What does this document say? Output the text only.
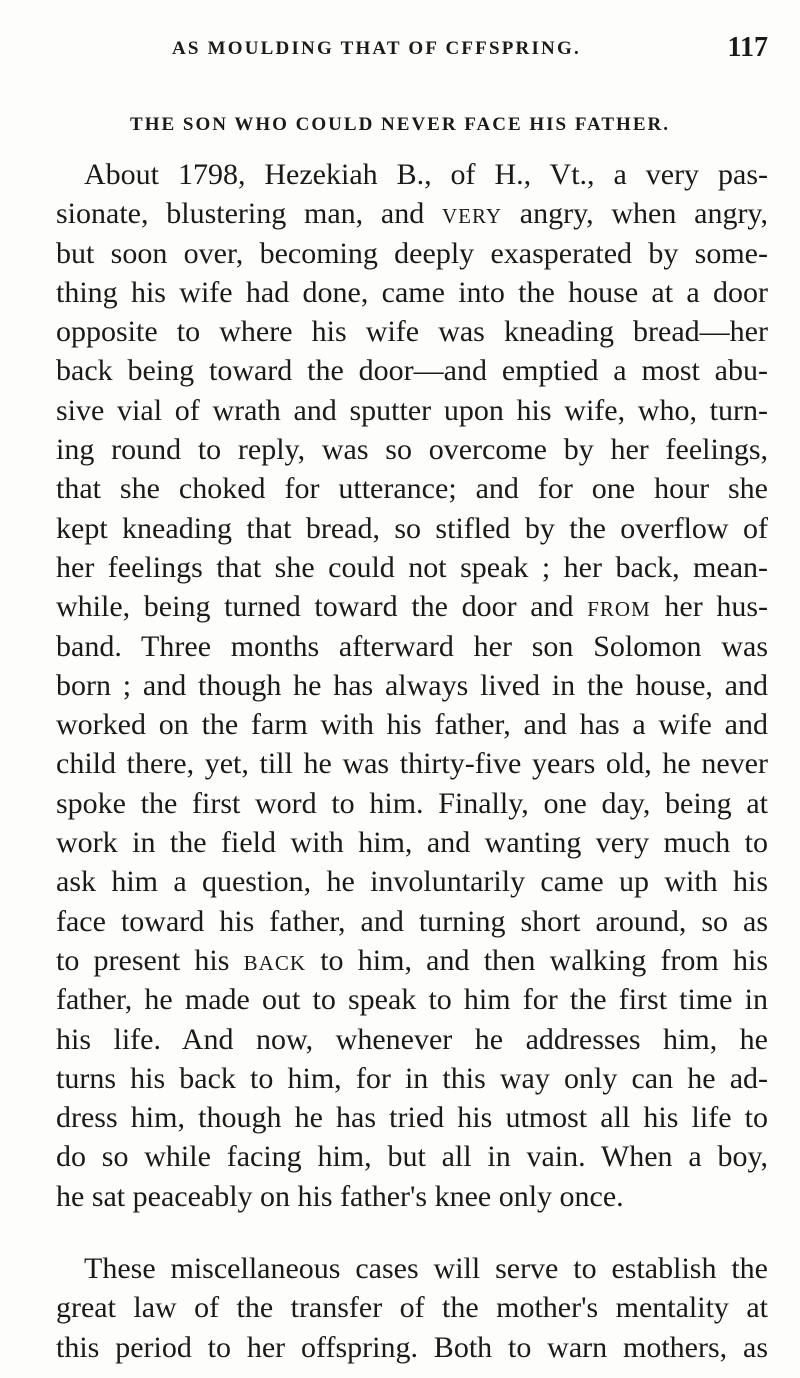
AS MOULDING THAT OF CFFSPRING.	117
THE SON WHO COULD NEVER FACE HIS FATHER.
About 1798, Hezekiah B., of H., Vt., a very pas-
sionate, blustering man, and very angry, when angry,
but soon over, becoming deeply exasperated by some-
thing his wife had done, came into the house at a door
opposite to where his wife was kneading bread—her
back being toward the door—and emptied a most abu-
sive vial of wrath and sputter upon his wife, who, turn-
ing round to reply, was so overcome by her feelings,
that she choked for utterance; and for one hour she
kept kneading that bread, so stifled by the overflow of
her feelings that she could not speak ; her back, mean-
while, being turned toward the door and from her hus-
band. Three months afterward her son Solomon was
born ; and though he has always lived in the house, and
worked on the farm with his father, and has a wife and
child there, yet, till he was thirty-five years old, he never
spoke the first word to him. Finally, one day, being at
work in the field with him, and wanting very much to
ask him a question, he involuntarily came up with his
face toward his father, and turning short around, so as
to present his back to him, and then walking from his
father, he made out to speak to him for the first time in
his life. And now, whenever he addresses him, he
turns his back to him, for in this way only can he ad-
dress him, though he has tried his utmost all his life to
do so while facing him, but all in vain. When a boy,
he sat peaceably on his father's knee only once.
These miscellaneous cases will serve to establish the
great law of the transfer of the mother's mentality at
this period to her offspring. Both to warn mothers, as
